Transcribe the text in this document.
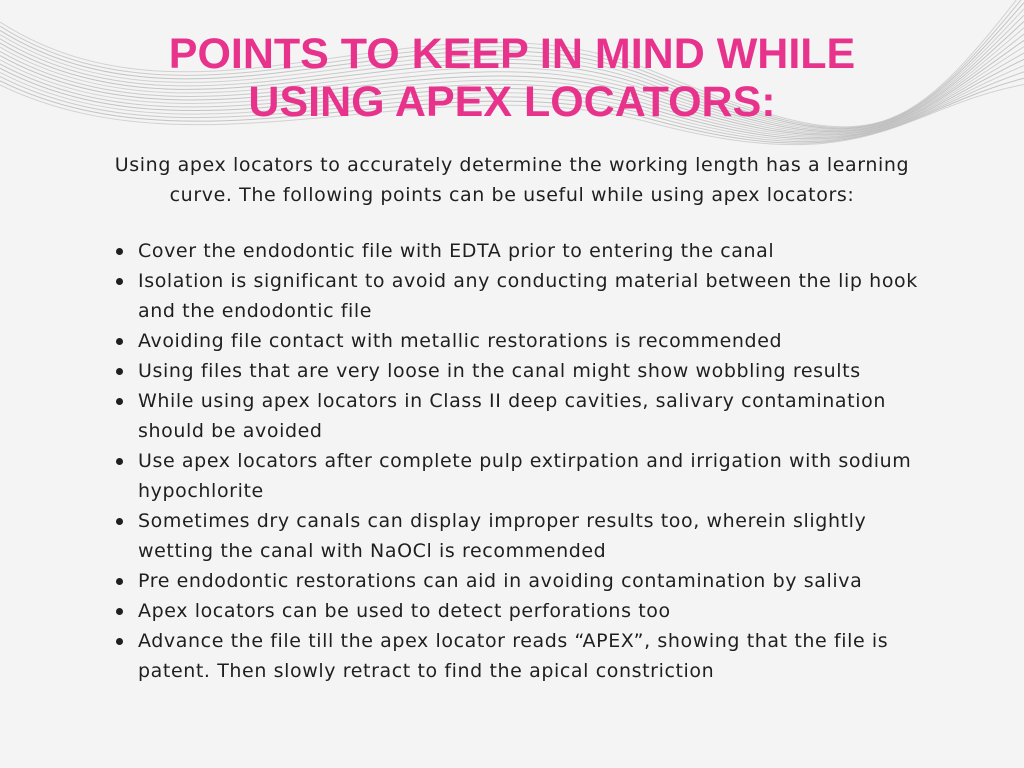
POINTS TO KEEP IN MIND WHILE
USING APEX LOCATORS:

Using apex locators to accurately determine the working length has a learning curve. The following points can be useful while using apex locators:

Cover the endodontic file with EDTA prior to entering the canal
Isolation is significant to avoid any conducting material between the lip hook and the endodontic file
Avoiding file contact with metallic restorations is recommended
Using files that are very loose in the canal might show wobbling results
While using apex locators in Class II deep cavities, salivary contamination should be avoided
Use apex locators after complete pulp extirpation and irrigation with sodium hypochlorite
Sometimes dry canals can display improper results too, wherein slightly wetting the canal with NaOCl is recommended
Pre endodontic restorations can aid in avoiding contamination by saliva
Apex locators can be used to detect perforations too
Advance the file till the apex locator reads “APEX”, showing that the file is patent. Then slowly retract to find the apical constriction
